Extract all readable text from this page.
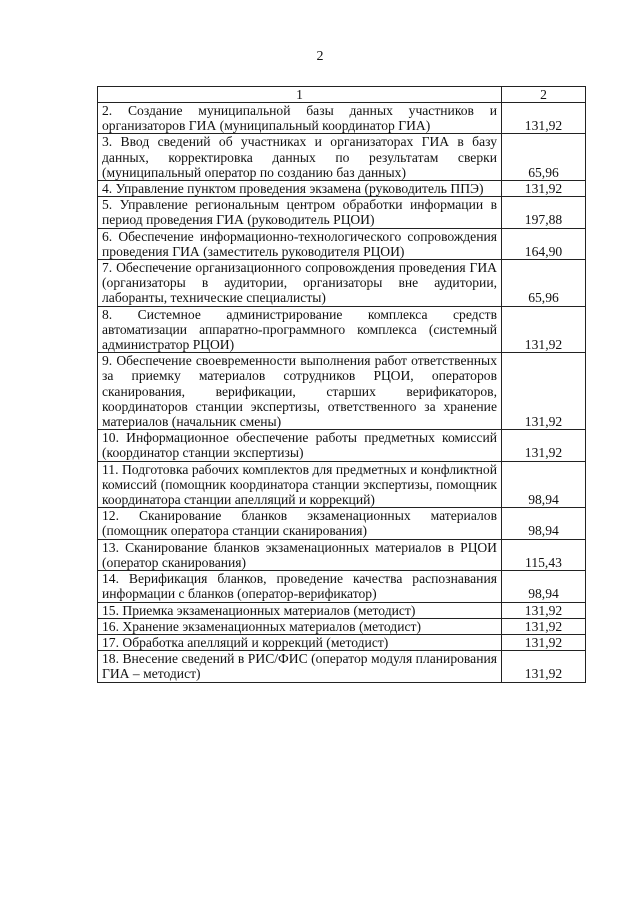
2
1	2
2. Создание муниципальной базы данных участников и организаторов ГИА (муниципальный координатор ГИА)	131,92
3. Ввод сведений об участниках и организаторах ГИА в базу данных, корректировка данных по результатам сверки (муниципальный оператор по созданию баз данных)	65,96
4. Управление пунктом проведения экзамена (руководитель ППЭ)	131,92
5. Управление региональным центром обработки информации в период проведения ГИА (руководитель РЦОИ)	197,88
6. Обеспечение информационно-технологического сопровождения проведения ГИА (заместитель руководителя РЦОИ)	164,90
7. Обеспечение организационного сопровождения проведения ГИА (организаторы в аудитории, организаторы вне аудитории, лаборанты, технические специалисты)	65,96
8. Системное администрирование комплекса средств автоматизации аппаратно-программного комплекса (системный администратор РЦОИ)	131,92
9. Обеспечение своевременности выполнения работ ответственных за приемку материалов сотрудников РЦОИ, операторов сканирования, верификации, старших верификаторов, координаторов станции экспертизы, ответственного за хранение материалов (начальник смены)	131,92
10. Информационное обеспечение работы предметных комиссий (координатор станции экспертизы)	131,92
11. Подготовка рабочих комплектов для предметных и конфликтной комиссий (помощник координатора станции экспертизы, помощник координатора станции апелляций и коррекций)	98,94
12. Сканирование бланков экзаменационных материалов (помощник оператора станции сканирования)	98,94
13. Сканирование бланков экзаменационных материалов в РЦОИ (оператор сканирования)	115,43
14. Верификация бланков, проведение качества распознавания информации с бланков (оператор-верификатор)	98,94
15. Приемка экзаменационных материалов (методист)	131,92
16. Хранение экзаменационных материалов (методист)	131,92
17. Обработка апелляций и коррекций (методист)	131,92
18. Внесение сведений в РИС/ФИС (оператор модуля планирования ГИА – методист)	131,92
